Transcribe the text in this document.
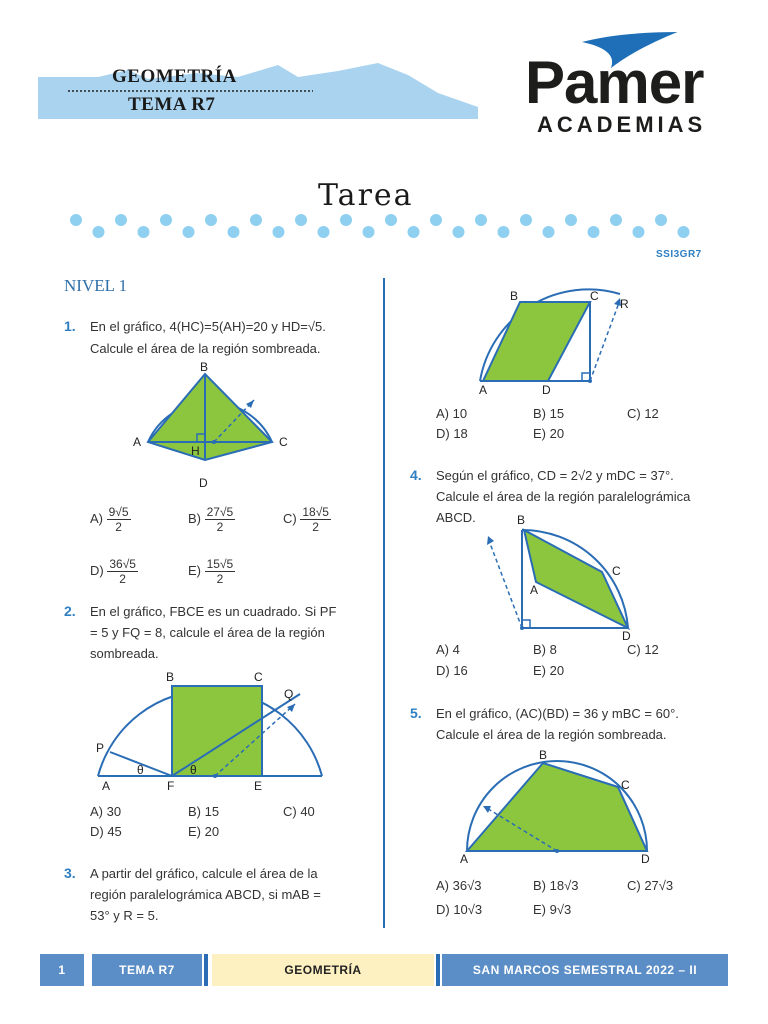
GEOMETRÍA
TEMA R7	Pamer
ACADEMIAS
Tarea
SSI3GR7
NIVEL 1
1. En el gráfico, 4(HC)=5(AH)=20 y HD=√5.
Calcule el área de la región sombreada.
A
B
C
D
H
$A) \frac{9√5}{2}$	$B) \frac{27√5}{2}$	$C) \frac{18√5}{2}$
$D) \frac{36√5}{2}$	$E) \frac{15√5}{2}$
2. En el gráfico, FBCE es un cuadrado. Si PF
= 5 y FQ = 8, calcule el área de la región
sombreada.
A
B	C
E
F
P
Q
θ	θ
A) 30	B) 15	C) 40
D) 45	E) 20
3. A partir del gráfico, calcule el área de la
región paralelográmica ABCD, si mAB =
53° y R = 5.
A
B	C
D
R
A) 10	B) 15	C) 12
D) 18	E) 20
4. Según el gráfico, CD = 2√2 y mDC = 37°.
Calcule el área de la región paralelográmica
ABCD.	B
A
C
D
A) 4	B) 8	C) 12
D) 16	E) 20
5. En el gráfico, (AC)(BD) = 36 y mBC = 60°.
Calcule el área de la región sombreada.
A
B
C
D
A) 36√3	B) 18√3	C) 27√3
D) 10√3	E) 9√3
1	TEMA R7	GEOMETRÍA	SAN MARCOS SEMESTRAL 2022 – II
